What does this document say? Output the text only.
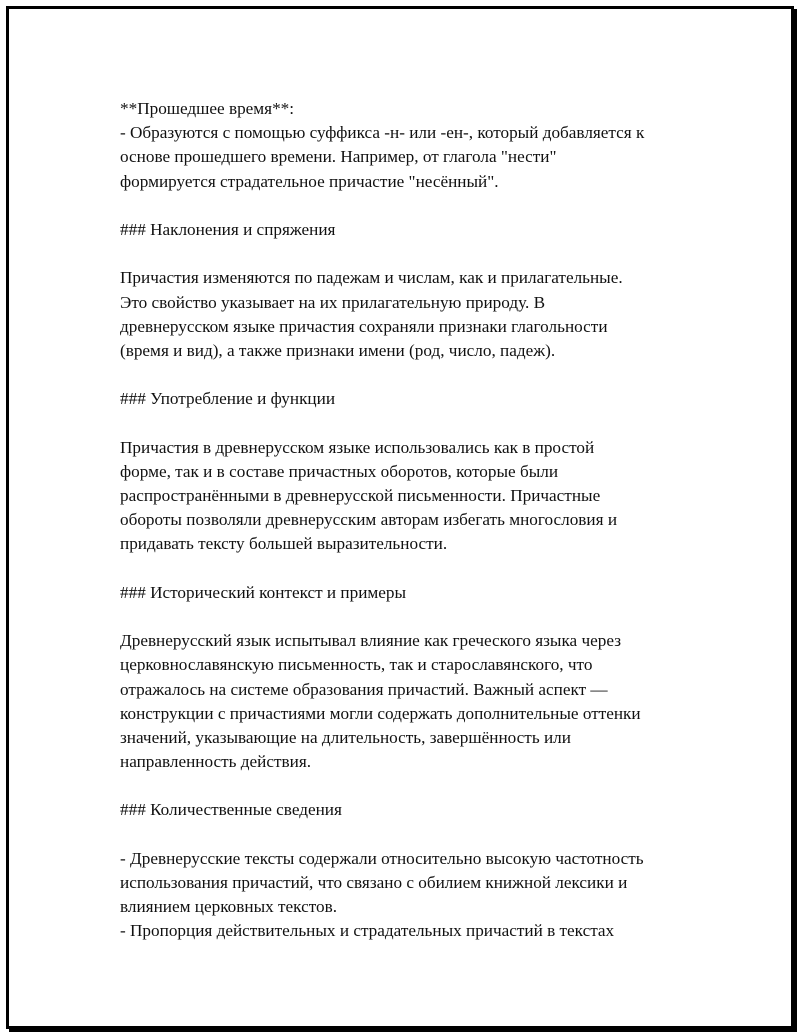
**Прошедшее время**:
- Образуются с помощью суффикса -н- или -ен-, который добавляется к
основе прошедшего времени. Например, от глагола "нести"
формируется страдательное причастие "несённый".
### Наклонения и спряжения
Причастия изменяются по падежам и числам, как и прилагательные.
Это свойство указывает на их прилагательную природу. В
древнерусском языке причастия сохраняли признаки глагольности
(время и вид), а также признаки имени (род, число, падеж).
### Употребление и функции
Причастия в древнерусском языке использовались как в простой
форме, так и в составе причастных оборотов, которые были
распространёнными в древнерусской письменности. Причастные
обороты позволяли древнерусским авторам избегать многословия и
придавать тексту большей выразительности.
### Исторический контекст и примеры
Древнерусский язык испытывал влияние как греческого языка через
церковнославянскую письменность, так и старославянского, что
отражалось на системе образования причастий. Важный аспект —
конструкции с причастиями могли содержать дополнительные оттенки
значений, указывающие на длительность, завершённость или
направленность действия.
### Количественные сведения
- Древнерусские тексты содержали относительно высокую частотность
использования причастий, что связано с обилием книжной лексики и
влиянием церковных текстов.
- Пропорция действительных и страдательных причастий в текстах
